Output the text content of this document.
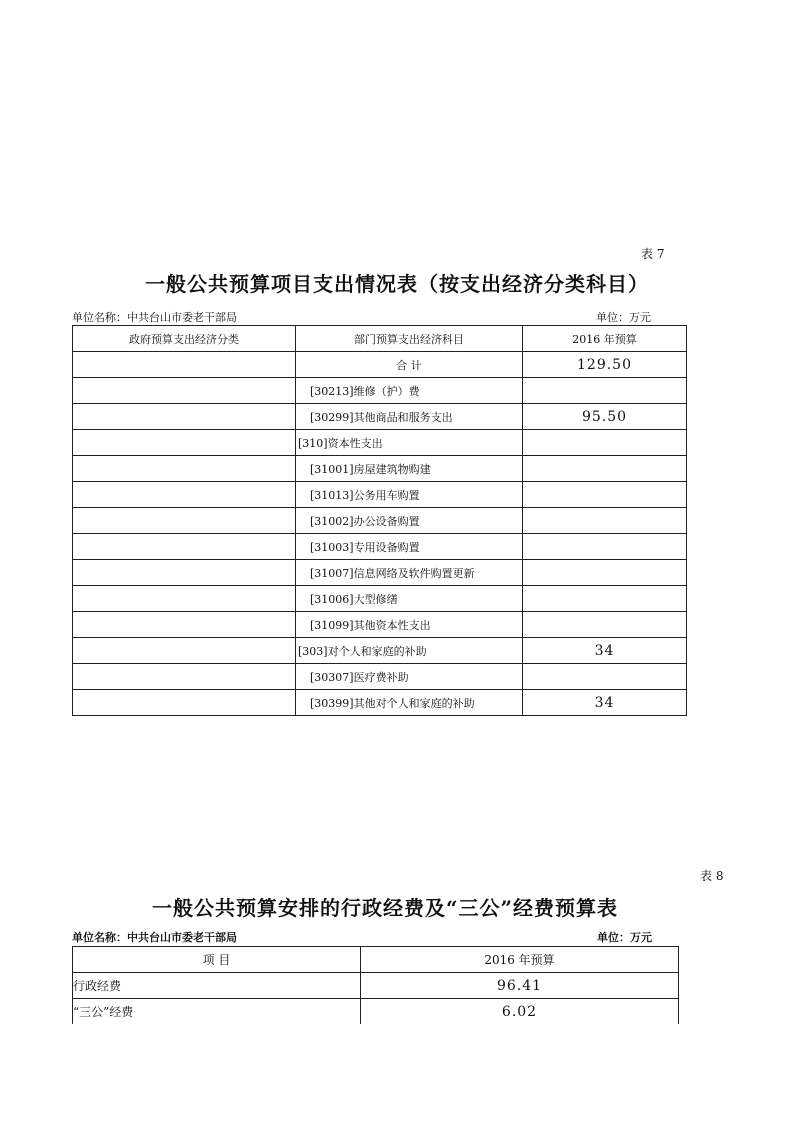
表 7
一般公共预算项目支出情况表（按支出经济分类科目）
单位名称：中共台山市委老干部局	单位：万元
政府预算支出经济分类	部门预算支出经济科目	2016 年预算
	合 计	129.50
	[30213]维修（护）费	
	[30299]其他商品和服务支出	95.50
	[310]资本性支出	
	[31001]房屋建筑物购建	
	[31013]公务用车购置	
	[31002]办公设备购置	
	[31003]专用设备购置	
	[31007]信息网络及软件购置更新	
	[31006]大型修缮	
	[31099]其他资本性支出	
	[303]对个人和家庭的补助	34
	[30307]医疗费补助	
	[30399]其他对个人和家庭的补助	34
表 8
一般公共预算安排的行政经费及“三公”经费预算表
单位名称：中共台山市委老干部局	单位：万元
项 目	2016 年预算
行政经费	96.41
“三公”经费	6.02
